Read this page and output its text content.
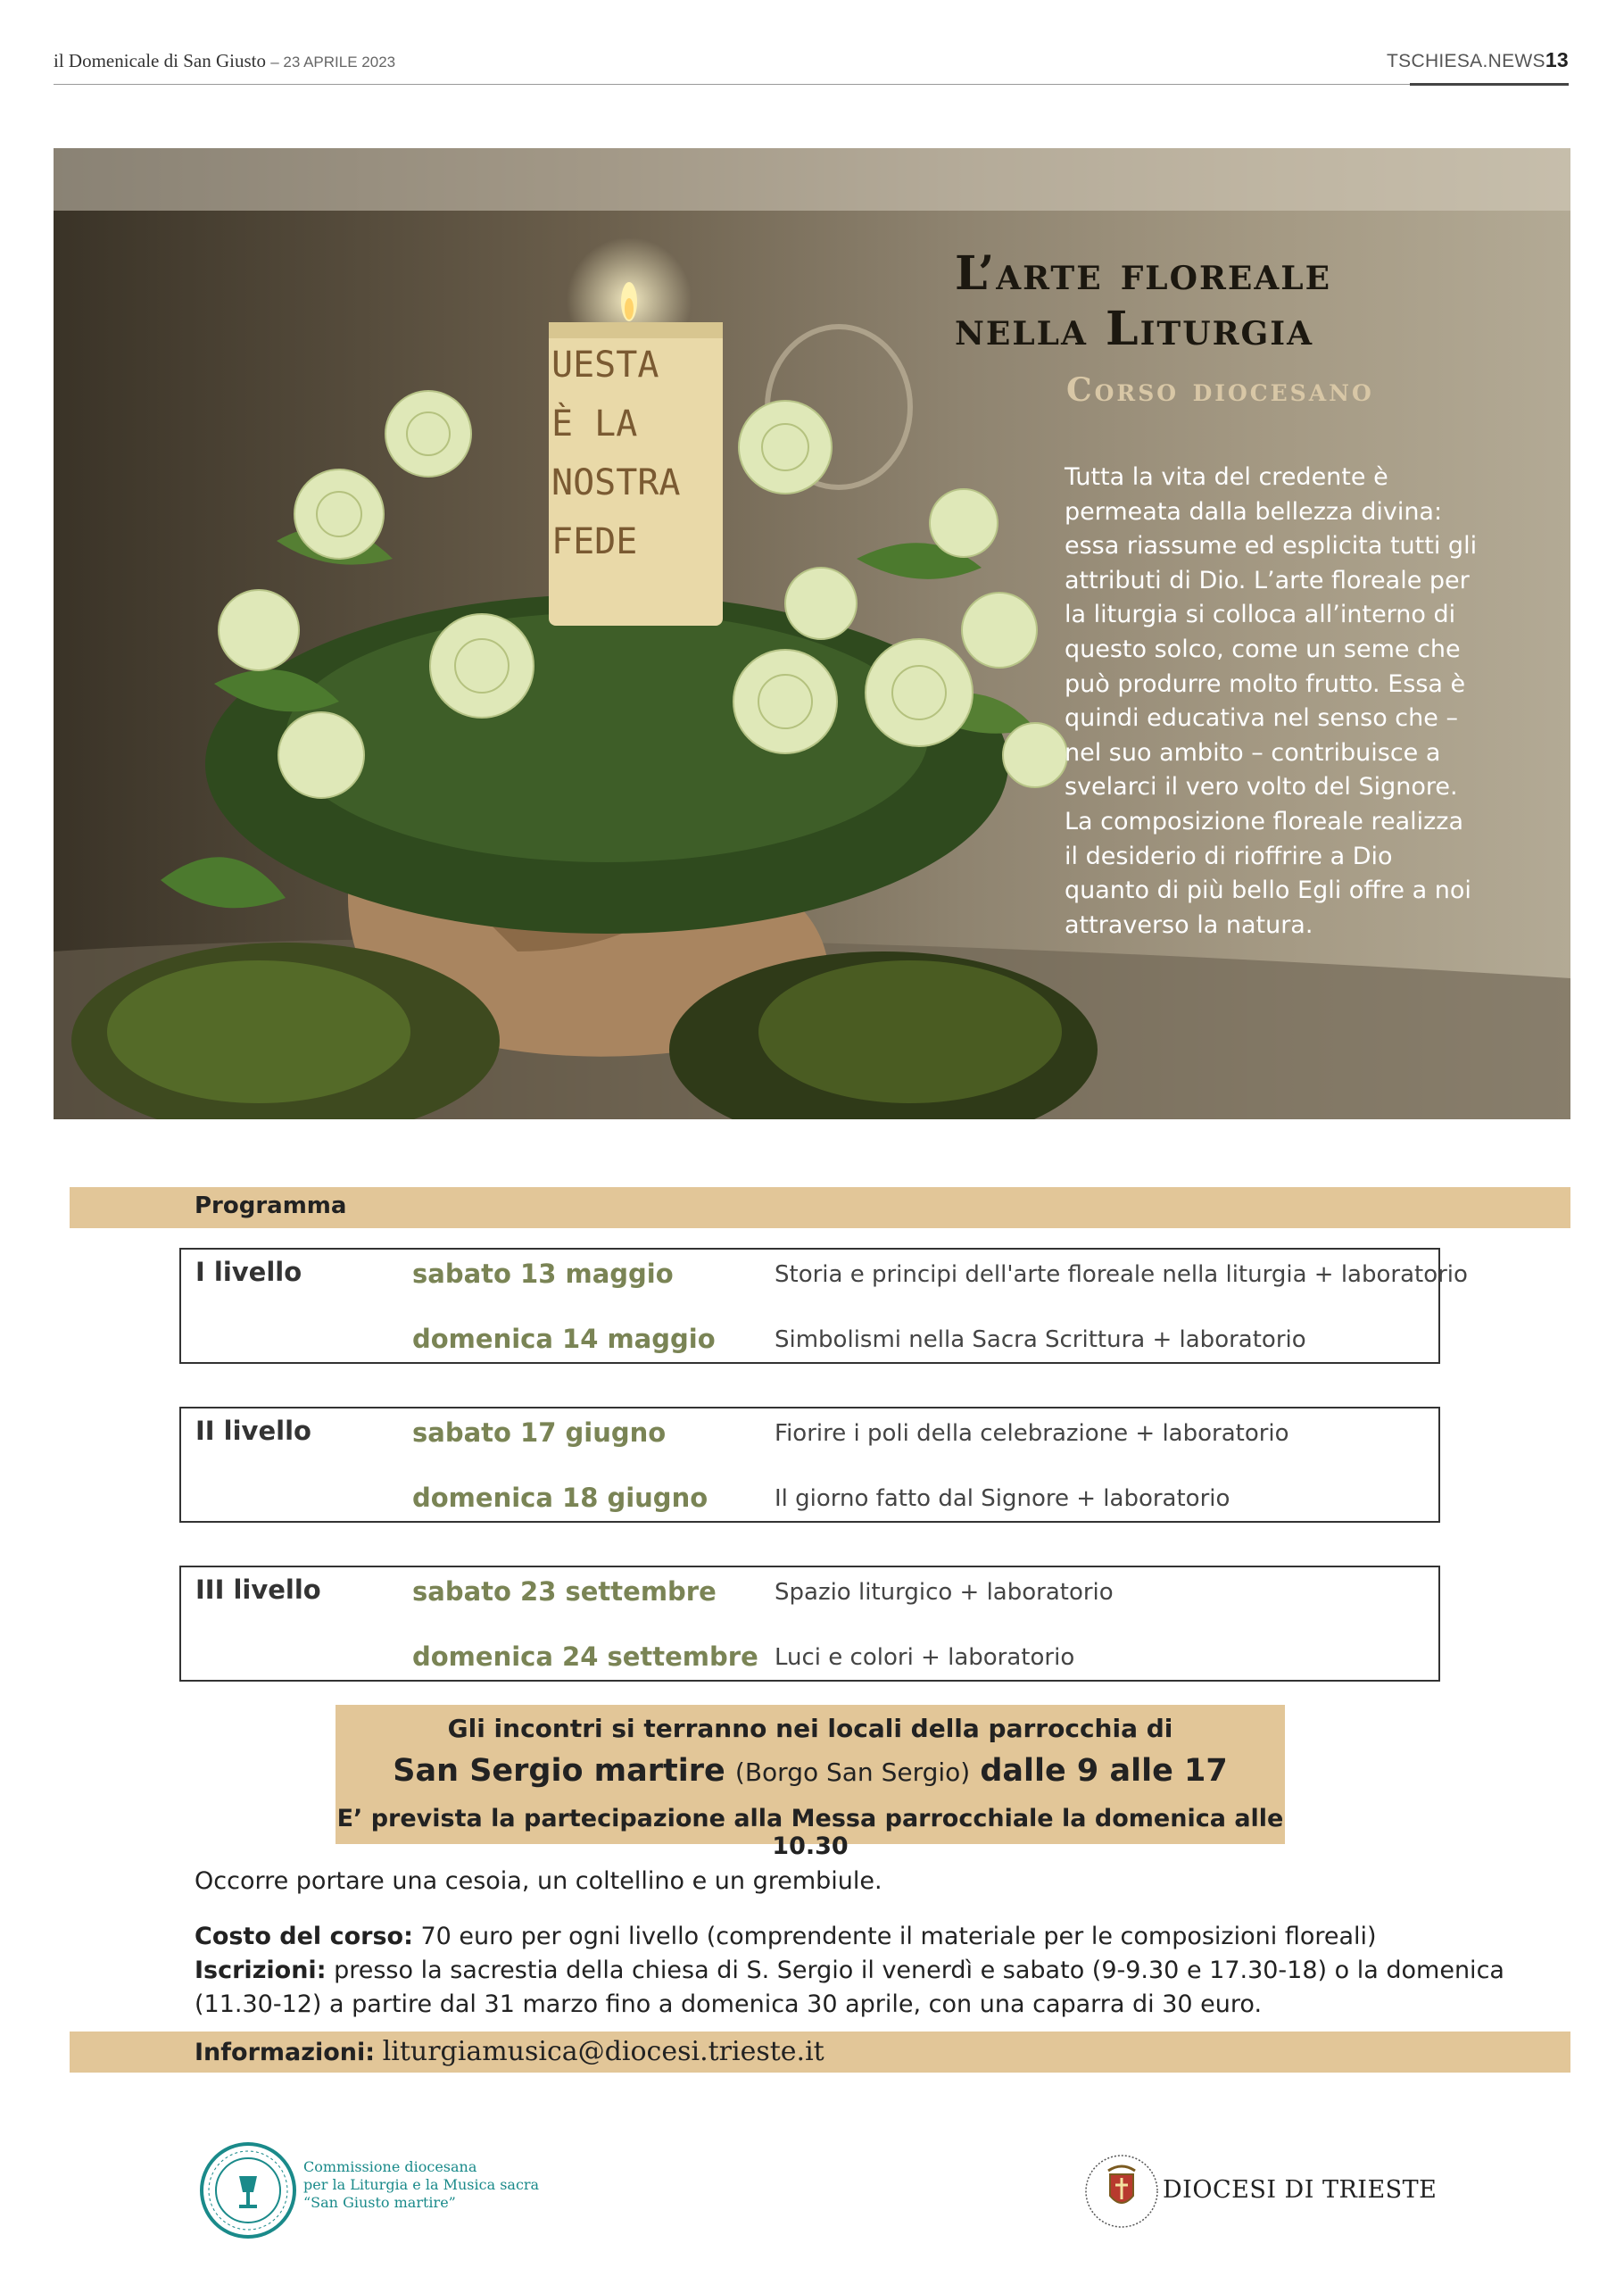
il Domenicale di San Giusto – 23 APRILE 2023	TSCHIESA.NEWS13
UESTA
È LA
NOSTRA
FEDE
L’arte floreale
nella Liturgia
Corso diocesano

Tutta la vita del credente è permeata dalla bellezza divina: essa riassume ed esplicita tutti gli attributi di Dio. L’arte floreale per la liturgia si colloca all’interno di questo solco, come un seme che può produrre molto frutto. Essa è quindi educativa nel senso che – nel suo ambito – contribuisce a svelarci il vero volto del Signore.

La composizione floreale realizza il desiderio di rioffrire a Dio quanto di più bello Egli offre a noi attraverso la natura.

Programma
I livello	sabato 13 maggio	Storia e principi dell'arte floreale nella liturgia + laboratorio
domenica 14 maggio	Simbolismi nella Sacra Scrittura + laboratorio
II livello	sabato 17 giugno	Fiorire i poli della celebrazione + laboratorio
domenica 18 giugno	Il giorno fatto dal Signore + laboratorio
III livello	sabato 23 settembre	Spazio liturgico + laboratorio
domenica 24 settembre Luci e colori + laboratorio
Gli incontri si terranno nei locali della parrocchia di
San Sergio martire (Borgo San Sergio) dalle 9 alle 17
E’ prevista la partecipazione alla Messa parrocchiale la domenica alle 10.30
Occorre portare una cesoia, un coltellino e un grembiule.
Costo del corso: 70 euro per ogni livello (comprendente il materiale per le composizioni floreali)
Iscrizioni: presso la sacrestia della chiesa di S. Sergio il venerdì e sabato (9-9.30 e 17.30-18) o la domenica
(11.30-12) a partire dal 31 marzo fino a domenica 30 aprile, con una caparra di 30 euro.
Informazioni: liturgiamusica@diocesi.trieste.it
Commissione diocesana
per la Liturgia e la Musica sacra
“San Giusto martire”	DIOCESI DI TRIESTE
